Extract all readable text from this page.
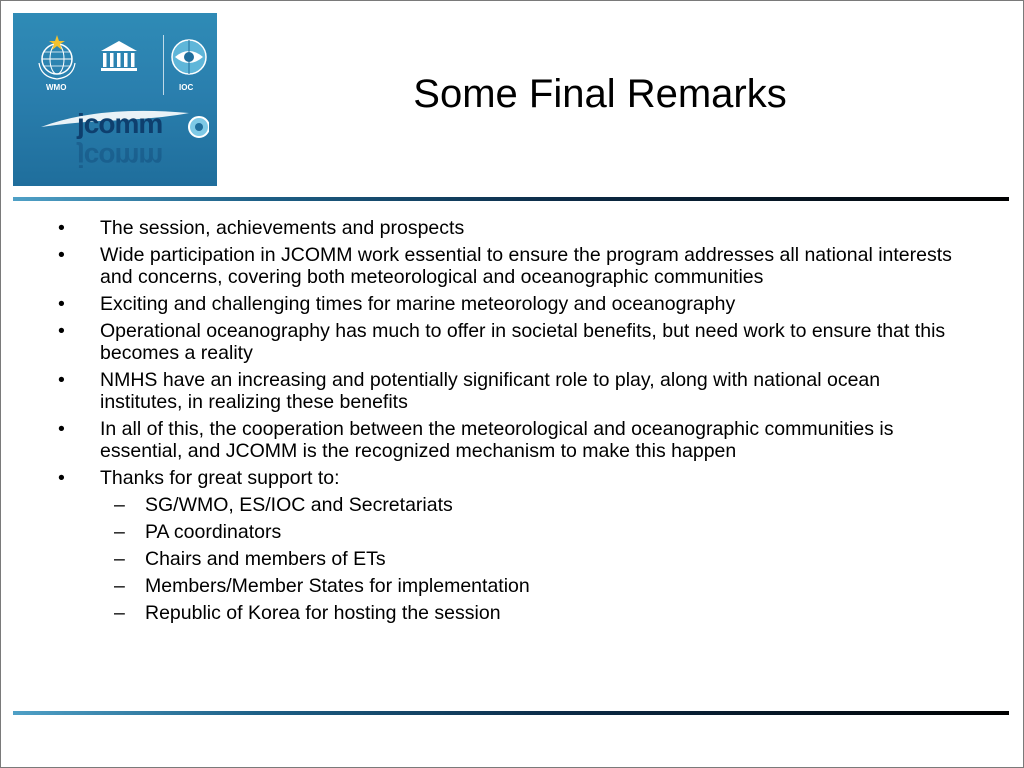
WMO	IOC
jcomm
jcomm
Some Final Remarks
• The session, achievements and prospects
• Wide participation in JCOMM work essential to ensure the program addresses all national interests and concerns, covering both meteorological and oceanographic communities
• Exciting and challenging times for marine meteorology and oceanography
• Operational oceanography has much to offer in societal benefits, but need work to ensure that this becomes a reality
• NMHS have an increasing and potentially significant role to play, along with national ocean institutes, in realizing these benefits
• In all of this, the cooperation between the meteorological and oceanographic communities is essential, and JCOMM is the recognized mechanism to make this happen
• Thanks for great support to:
– SG/WMO, ES/IOC and Secretariats
– PA coordinators
– Chairs and members of ETs
– Members/Member States for implementation
– Republic of Korea for hosting the session
